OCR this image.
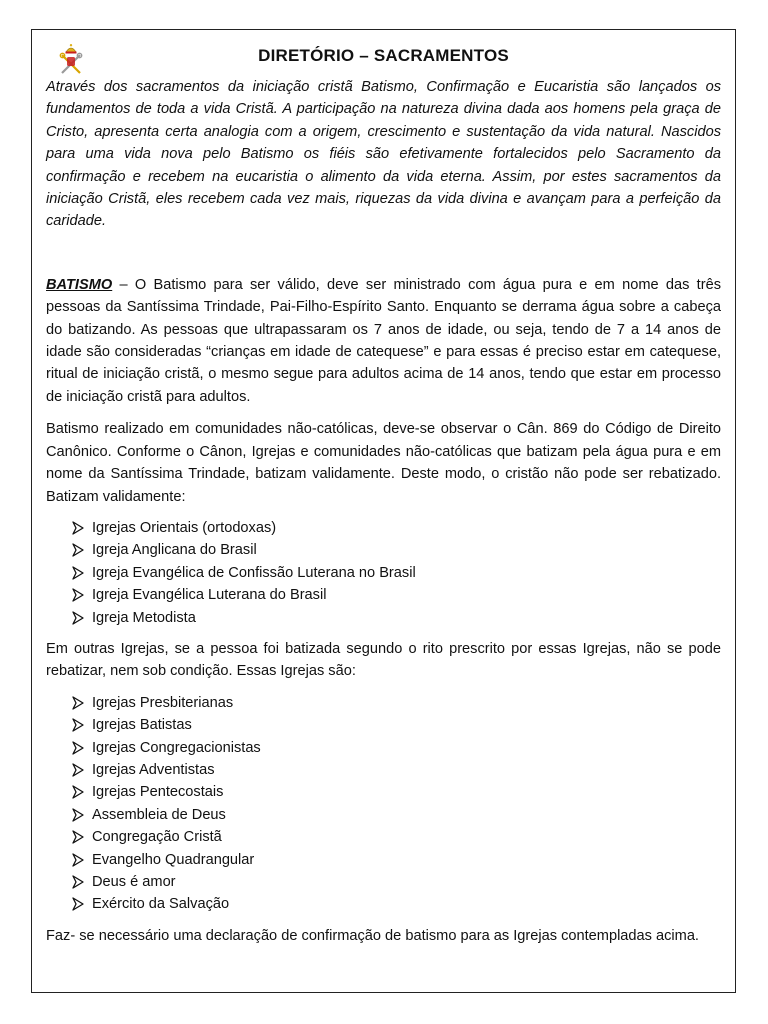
DIRETÓRIO – SACRAMENTOS

Através dos sacramentos da iniciação cristã Batismo, Confirmação e Eucaristia são lançados os fundamentos de toda a vida Cristã. A participação na natureza divina dada aos homens pela graça de Cristo, apresenta certa analogia com a origem, crescimento e sustentação da vida natural. Nascidos para uma vida nova pelo Batismo os fiéis são efetivamente fortalecidos pelo Sacramento da confirmação e recebem na eucaristia o alimento da vida eterna. Assim, por estes sacramentos da iniciação Cristã, eles recebem cada vez mais, riquezas da vida divina e avançam para a perfeição da caridade.

BATISMO – O Batismo para ser válido, deve ser ministrado com água pura e em nome das três pessoas da Santíssima Trindade, Pai-Filho-Espírito Santo. Enquanto se derrama água sobre a cabeça do batizando. As pessoas que ultrapassaram os 7 anos de idade, ou seja, tendo de 7 a 14 anos de idade são consideradas “crianças em idade de catequese” e para essas é preciso estar em catequese, ritual de iniciação cristã, o mesmo segue para adultos acima de 14 anos, tendo que estar em processo de iniciação cristã para adultos.

Batismo realizado em comunidades não-católicas, deve-se observar o Cân. 869 do Código de Direito Canônico. Conforme o Cânon, Igrejas e comunidades não-católicas que batizam pela água pura e em nome da Santíssima Trindade, batizam validamente. Deste modo, o cristão não pode ser rebatizado. Batizam validamente:

Igrejas Orientais (ortodoxas)
Igreja Anglicana do Brasil
Igreja Evangélica de Confissão Luterana no Brasil
Igreja Evangélica Luterana do Brasil
Igreja Metodista

Em outras Igrejas, se a pessoa foi batizada segundo o rito prescrito por essas Igrejas, não se pode rebatizar, nem sob condição. Essas Igrejas são:

Igrejas Presbiterianas
Igrejas Batistas
Igrejas Congregacionistas
Igrejas Adventistas
Igrejas Pentecostais
Assembleia de Deus
Congregação Cristã
Evangelho Quadrangular
Deus é amor
Exército da Salvação

Faz- se necessário uma declaração de confirmação de batismo para as Igrejas contempladas acima.
